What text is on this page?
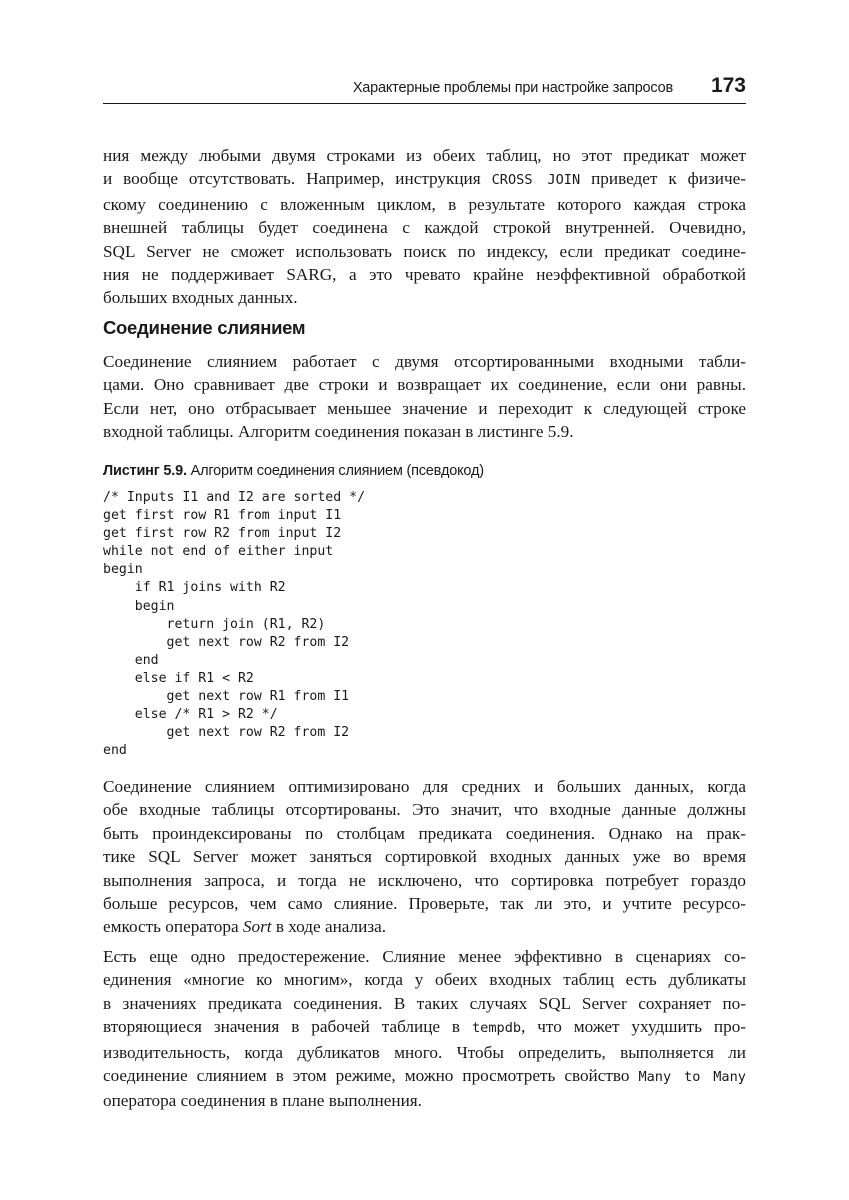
Характерные проблемы при настройке запросов 173
ния между любыми двумя строками из обеих таблиц, но этот предикат может
и вообще отсутствовать. Например, инструкция CROSS JOIN приведет к физиче-
скому соединению с вложенным циклом, в результате которого каждая строка
внешней таблицы будет соединена с каждой строкой внутренней. Очевидно,
SQL Server не сможет использовать поиск по индексу, если предикат соедине-
ния не поддерживает SARG, а это чревато крайне неэффективной обработкой
больших входных данных.
Соединение слиянием
Соединение слиянием работает с двумя отсортированными входными табли-
цами. Оно сравнивает две строки и возвращает их соединение, если они равны.
Если нет, оно отбрасывает меньшее значение и переходит к следующей строке
входной таблицы. Алгоритм соединения показан в листинге 5.9.

Листинг 5.9. Алгоритм соединения слиянием (псевдокод)

/* Inputs I1 and I2 are sorted */
get first row R1 from input I1
get first row R2 from input I2
while not end of either input
begin
if R1 joins with R2
begin
return join (R1, R2)
get next row R2 from I2
end
else if R1 < R2
get next row R1 from I1
else /* R1 > R2 */
get next row R2 from I2
end
Соединение слиянием оптимизировано для средних и больших данных, когда
обе входные таблицы отсортированы. Это значит, что входные данные должны
быть проиндексированы по столбцам предиката соединения. Однако на прак-
тике SQL Server может заняться сортировкой входных данных уже во время
выполнения запроса, и тогда не исключено, что сортировка потребует гораздо
больше ресурсов, чем само слияние. Проверьте, так ли это, и учтите ресурсо-
емкость оператора Sort в ходе анализа.
Есть еще одно предостережение. Слияние менее эффективно в сценариях со-
единения «многие ко многим», когда у обеих входных таблиц есть дубликаты
в значениях предиката соединения. В таких случаях SQL Server сохраняет по-
вторяющиеся значения в рабочей таблице в tempdb, что может ухудшить про-
изводительность, когда дубликатов много. Чтобы определить, выполняется ли
соединение слиянием в этом режиме, можно просмотреть свойство Many to Many
оператора соединения в плане выполнения.
